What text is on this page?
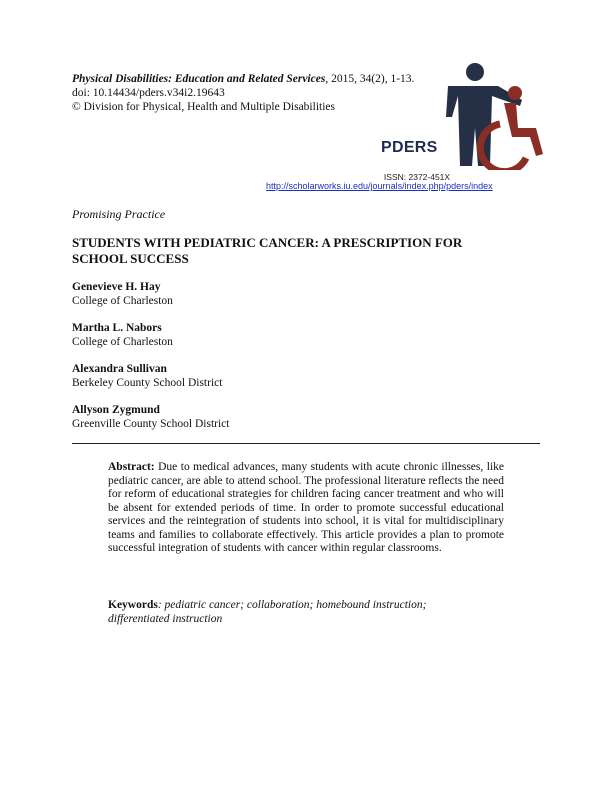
Physical Disabilities: Education and Related Services, 2015, 34(2), 1-13.
doi: 10.14434/pders.v34i2.19643
© Division for Physical, Health and Multiple Disabilities
PDERS
ISSN: 2372-451X
http://scholarworks.iu.edu/journals/index.php/pders/index
Promising Practice
STUDENTS WITH PEDIATRIC CANCER: A PRESCRIPTION FOR
SCHOOL SUCCESS
Genevieve H. Hay
College of Charleston
Martha L. Nabors
College of Charleston
Alexandra Sullivan
Berkeley County School District
Allyson Zygmund
Greenville County School District
Abstract: Due to medical advances, many students with acute chronic illnesses, like pediatric cancer, are able to attend school. The professional literature reflects the need for reform of educational strategies for children facing cancer treatment and who will be absent for extended periods of time. In order to promote successful educational services and the reintegration of students into school, it is vital for multidisciplinary teams and families to collaborate effectively. This article provides a plan to promote successful integration of students with cancer within regular classrooms.
Keywords: pediatric cancer; collaboration; homebound instruction;
differentiated instruction
